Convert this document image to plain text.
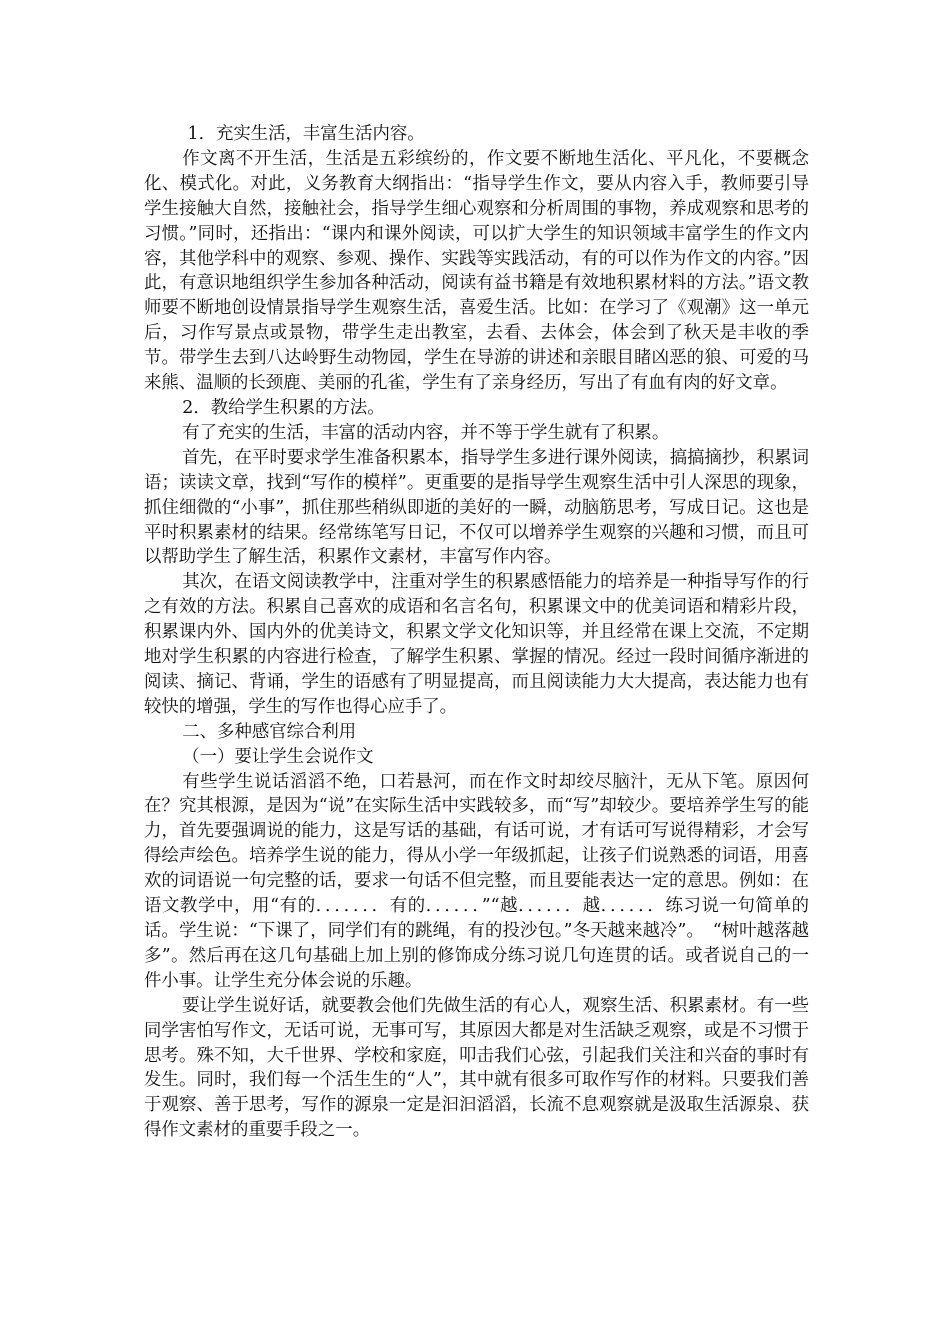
1．充实生活，丰富生活内容。

作文离不开生活，生活是五彩缤纷的，作文要不断地生活化、平凡化，不要概念化、模式化。对此，义务教育大纲指出：“指导学生作文，要从内容入手，教师要引导学生接触大自然，接触社会，指导学生细心观察和分析周围的事物，养成观察和思考的习惯。”同时，还指出：“课内和课外阅读，可以扩大学生的知识领域丰富学生的作文内容，其他学科中的观察、参观、操作、实践等实践活动，有的可以作为作文的内容。”因此，有意识地组织学生参加各种活动，阅读有益书籍是有效地积累材料的方法。”语文教师要不断地创设情景指导学生观察生活，喜爱生活。比如：在学习了《观潮》这一单元后，习作写景点或景物，带学生走出教室，去看、去体会，体会到了秋天是丰收的季节。带学生去到八达岭野生动物园，学生在导游的讲述和亲眼目睹凶恶的狼、可爱的马来熊、温顺的长颈鹿、美丽的孔雀，学生有了亲身经历，写出了有血有肉的好文章。

2．教给学生积累的方法。

有了充实的生活，丰富的活动内容，并不等于学生就有了积累。

首先，在平时要求学生准备积累本，指导学生多进行课外阅读，搞搞摘抄，积累词语；读读文章，找到“写作的模样”。更重要的是指导学生观察生活中引人深思的现象，抓住细微的“小事”，抓住那些稍纵即逝的美好的一瞬，动脑筋思考，写成日记。这也是平时积累素材的结果。经常练笔写日记，不仅可以增养学生观察的兴趣和习惯，而且可以帮助学生了解生活，积累作文素材，丰富写作内容。

其次，在语文阅读教学中，注重对学生的积累感悟能力的培养是一种指导写作的行之有效的方法。积累自己喜欢的成语和名言名句，积累课文中的优美词语和精彩片段，积累课内外、国内外的优美诗文，积累文学文化知识等，并且经常在课上交流，不定期地对学生积累的内容进行检查，了解学生积累、掌握的情况。经过一段时间循序渐进的阅读、摘记、背诵，学生的语感有了明显提高，而且阅读能力大大提高，表达能力也有较快的增强，学生的写作也得心应手了。

二、多种感官综合利用

（一）要让学生会说作文

有些学生说话滔滔不绝，口若悬河，而在作文时却绞尽脑汁，无从下笔。原因何在？究其根源，是因为“说”在实际生活中实践较多，而“写”却较少。要培养学生写的能力，首先要强调说的能力，这是写话的基础，有话可说，才有话可写说得精彩，才会写得绘声绘色。培养学生说的能力，得从小学一年级抓起，让孩子们说熟悉的词语，用喜欢的词语说一句完整的话，要求一句话不但完整，而且要能表达一定的意思。例如：在语文教学中，用“有的．．．．．．．有的．．．．．．”“越．．．．．．越．．．．．．练习说一句简单的话。学生说：“下课了，同学们有的跳绳，有的投沙包。”冬天越来越冷”。　“树叶越落越多”。然后再在这几句基础上加上别的修饰成分练习说几句连贯的话。或者说自己的一件小事。让学生充分体会说的乐趣。

要让学生说好话，就要教会他们先做生活的有心人，观察生活、积累素材。有一些同学害怕写作文，无话可说，无事可写，其原因大都是对生活缺乏观察，或是不习惯于思考。殊不知，大千世界、学校和家庭，叩击我们心弦，引起我们关注和兴奋的事时有发生。同时，我们每一个活生生的“人”，其中就有很多可取作写作的材料。只要我们善于观察、善于思考，写作的源泉一定是汩汩滔滔，长流不息观察就是汲取生活源泉、获得作文素材的重要手段之一。
